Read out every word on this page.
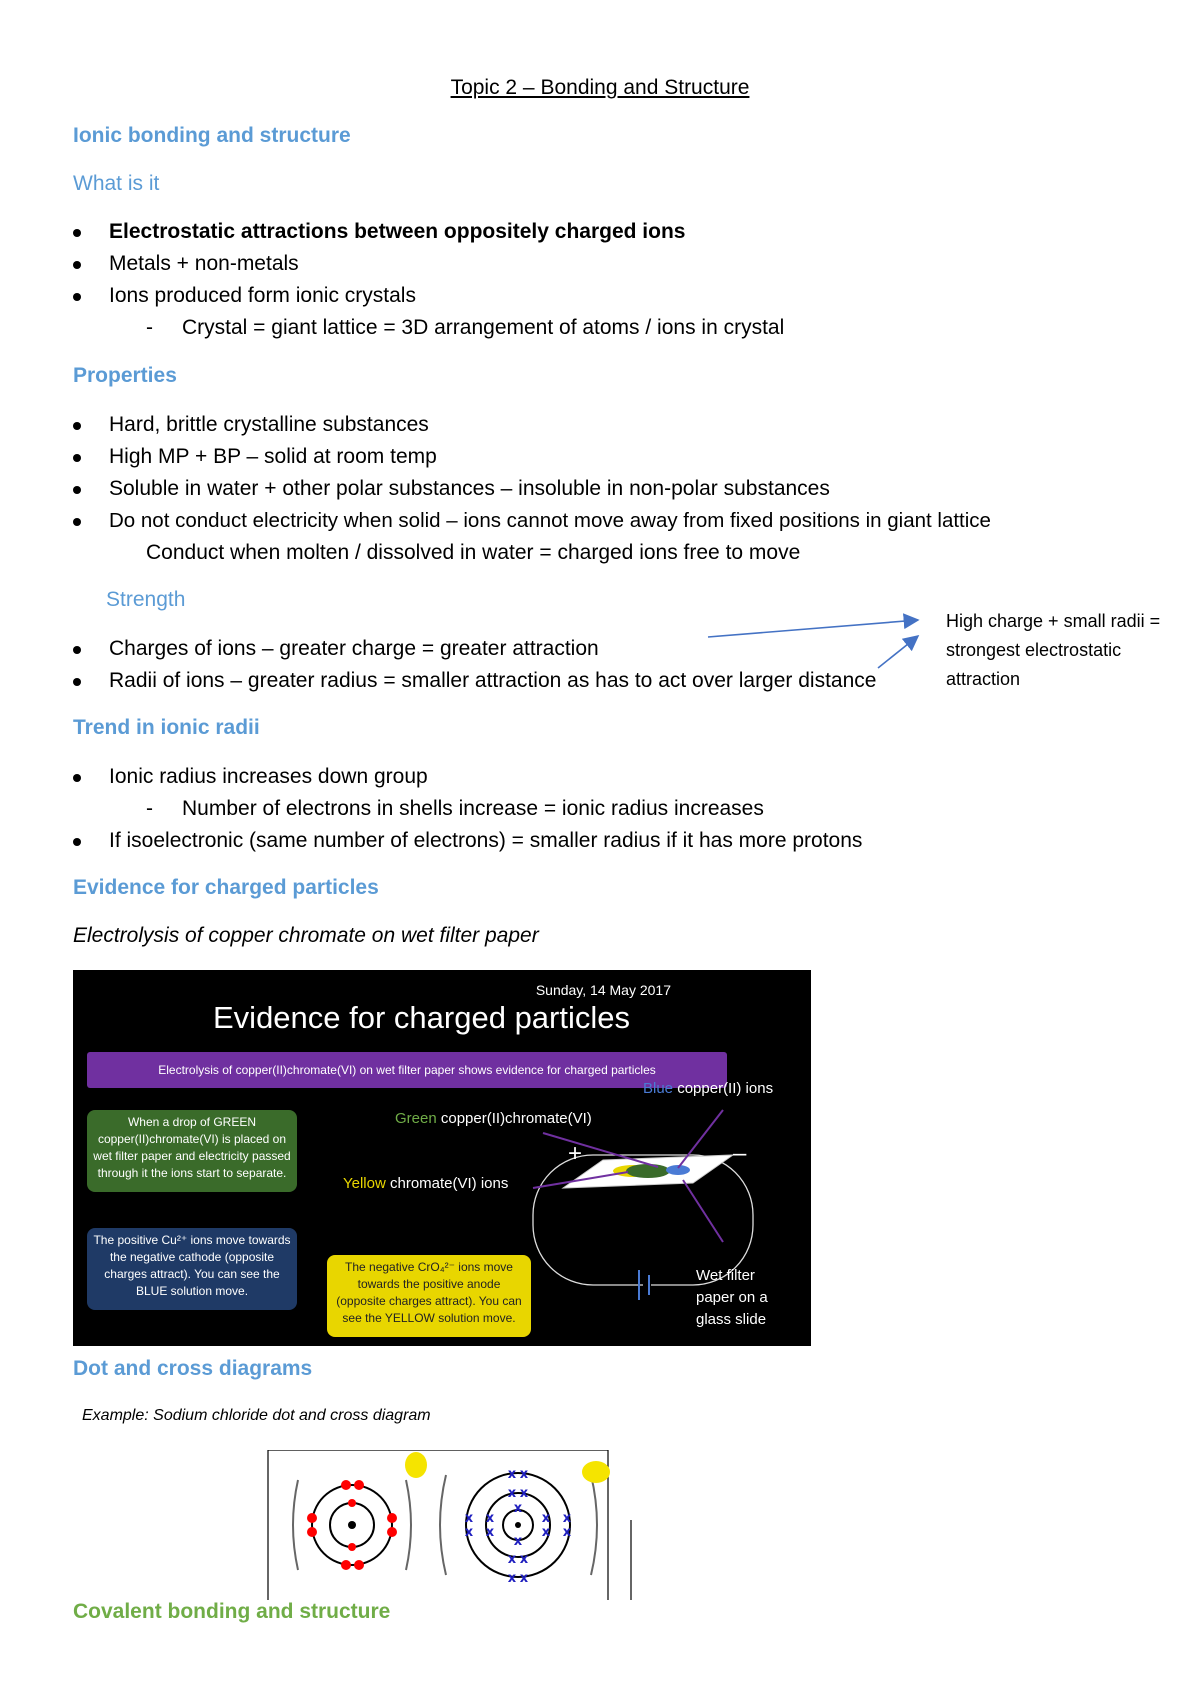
Topic 2 – Bonding and Structure
Ionic bonding and structure
What is it
Electrostatic attractions between oppositely charged ions
Metals + non-metals
Ions produced form ionic crystals
- Crystal = giant lattice = 3D arrangement of atoms / ions in crystal
Properties
Hard, brittle crystalline substances
High MP + BP – solid at room temp
Soluble in water + other polar substances – insoluble in non-polar substances
Do not conduct electricity when solid – ions cannot move away from fixed positions in giant lattice
Conduct when molten / dissolved in water = charged ions free to move
Strength
Charges of ions – greater charge = greater attraction
Radii of ions – greater radius = smaller attraction as has to act over larger distance
High charge + small radii =
strongest electrostatic
attraction
Trend in ionic radii
Ionic radius increases down group
- Number of electrons in shells increase = ionic radius increases
If isoelectronic (same number of electrons) = smaller radius if it has more protons
Evidence for charged particles
Electrolysis of copper chromate on wet filter paper
Sunday, 14 May 2017
Evidence for charged particles
Electrolysis of copper(II)chromate(VI) on wet filter paper shows evidence for charged particles
When a drop of GREEN copper(II)chromate(VI) is placed on wet filter paper and electricity passed through it the ions start to separate.
The positive Cu²⁺ ions move towards the negative cathode (opposite charges attract). You can see the BLUE solution move.
The negative CrO₄²⁻ ions move towards the positive anode (opposite charges attract). You can see the YELLOW solution move.
Green copper(II)chromate(VI)
Blue copper(II) ions
Yellow chromate(VI) ions
+	–
Wet filter
paper on a
glass slide
Dot and cross diagrams
Example: Sodium chloride dot and cross diagram
x x
x x
x
x
x
x
x x
x x
x
x
x
x
x
x
Covalent bonding and structure
